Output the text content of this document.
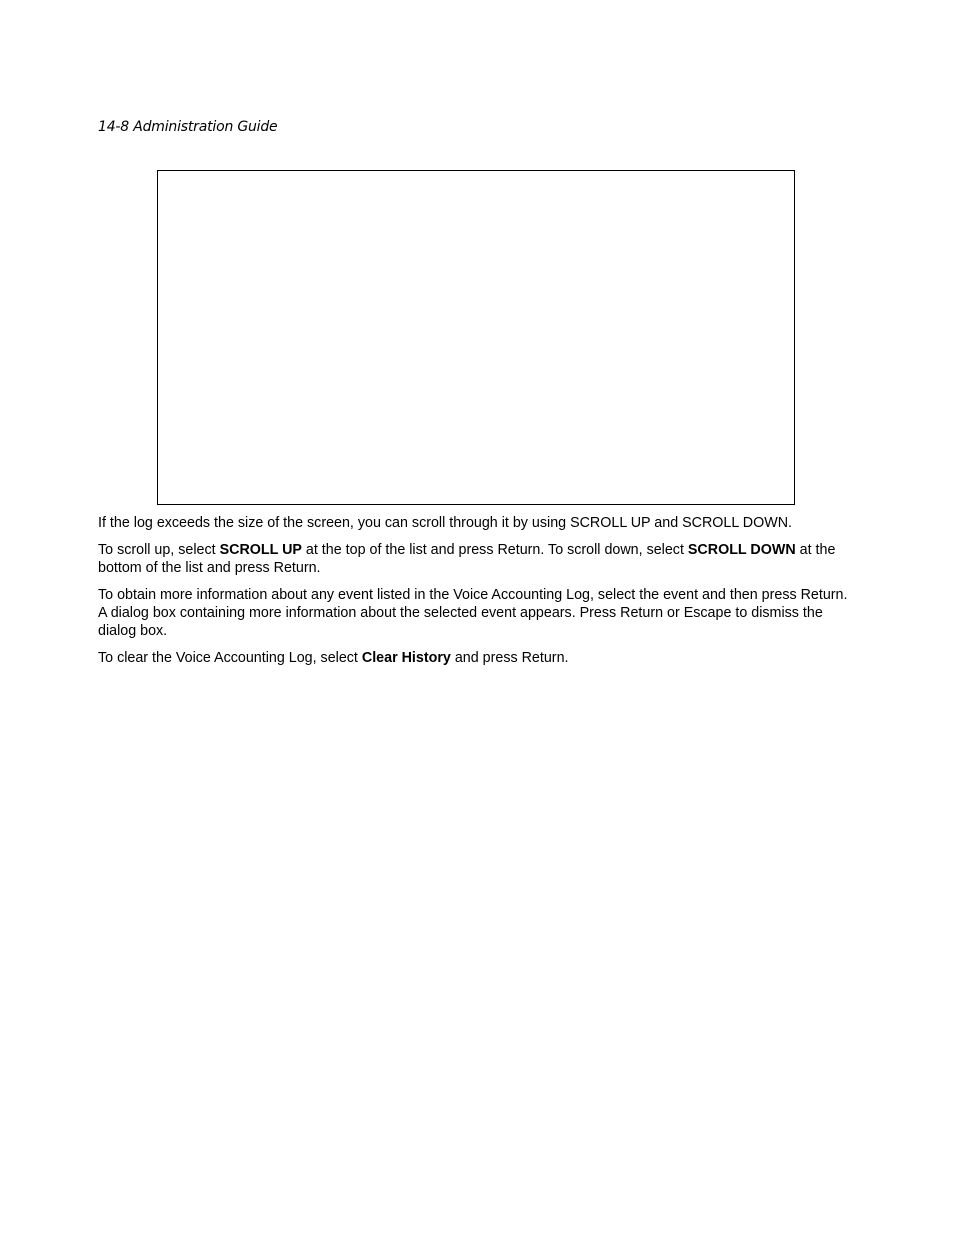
14-8 Administration Guide

If the log exceeds the size of the screen, you can scroll through it by using SCROLL UP and SCROLL DOWN.

To scroll up, select SCROLL UP at the top of the list and press Return. To scroll down, select SCROLL DOWN at the bottom of the list and press Return.

To obtain more information about any event listed in the Voice Accounting Log, select the event and then press Return. A dialog box containing more information about the selected event appears. Press Return or Escape to dismiss the dialog box.

To clear the Voice Accounting Log, select Clear History and press Return.
